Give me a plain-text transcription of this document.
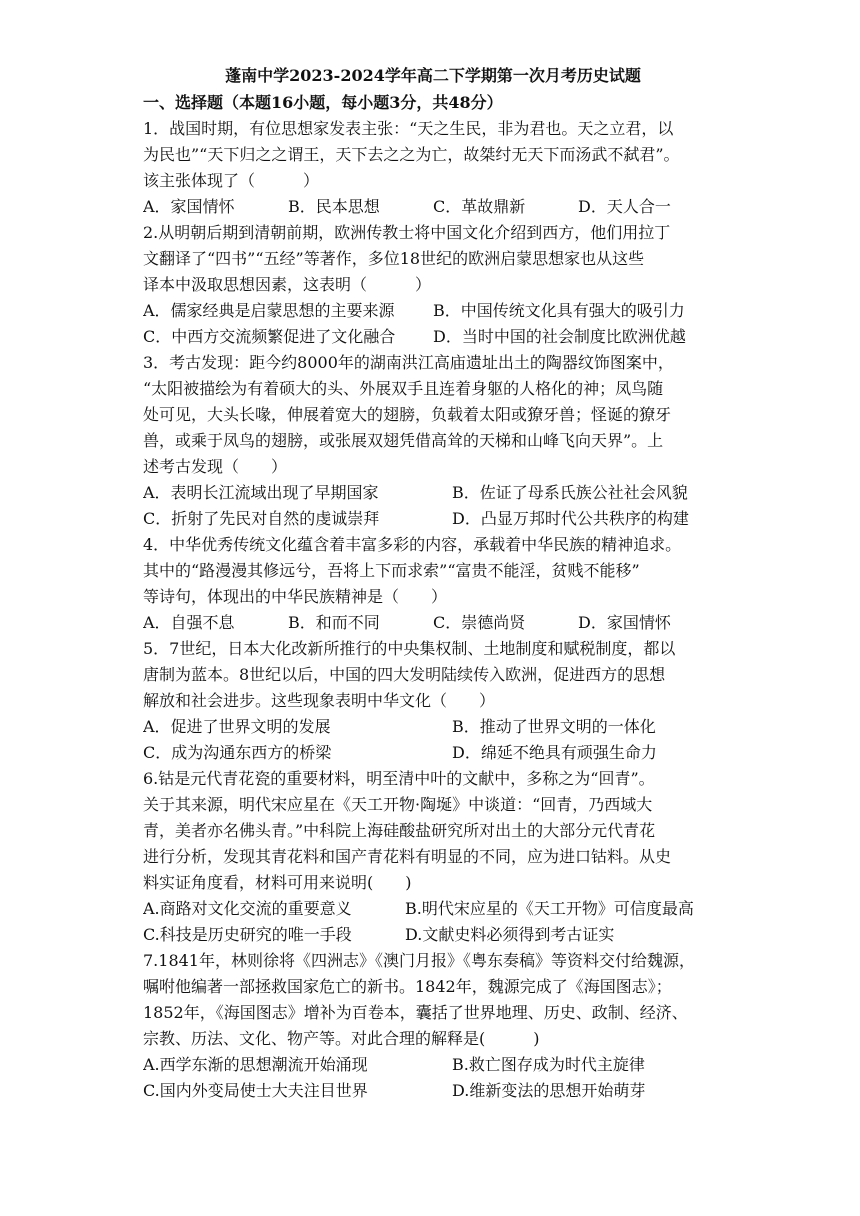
蓬南中学2023-2024学年高二下学期第一次月考历史试题
一、选择题（本题16小题，每小题3分，共48分）
1．战国时期，有位思想家发表主张：“天之生民，非为君也。天之立君，以
为民也”“天下归之之谓王，天下去之之为亡，故桀纣无天下而汤武不弑君”。
该主张体现了（　　　）
A．家国情怀	B．民本思想	C．革故鼎新	D．天人合一
2.从明朝后期到清朝前期，欧洲传教士将中国文化介绍到西方，他们用拉丁
文翻译了“四书”“五经”等著作，多位18世纪的欧洲启蒙思想家也从这些
译本中汲取思想因素，这表明（　　　）
A．儒家经典是启蒙思想的主要来源	B．中国传统文化具有强大的吸引力
C．中西方交流频繁促进了文化融合	D．当时中国的社会制度比欧洲优越
3．考古发现：距今约8000年的湖南洪江高庙遗址出土的陶器纹饰图案中，
“太阳被描绘为有着硕大的头、外展双手且连着身躯的人格化的神；凤鸟随
处可见，大头长喙，伸展着宽大的翅膀，负载着太阳或獠牙兽；怪诞的獠牙
兽，或乘于凤鸟的翅膀，或张展双翅凭借高耸的天梯和山峰飞向天界”。上
述考古发现（　　）
A．表明长江流域出现了早期国家	B．佐证了母系氏族公社社会风貌
C．折射了先民对自然的虔诚崇拜	D．凸显万邦时代公共秩序的构建
4．中华优秀传统文化蕴含着丰富多彩的内容，承载着中华民族的精神追求。
其中的“路漫漫其修远兮，吾将上下而求索”“富贵不能淫，贫贱不能移”
等诗句，体现出的中华民族精神是（　　）
A．自强不息	B．和而不同	C．崇德尚贤	D．家国情怀
5．7世纪，日本大化改新所推行的中央集权制、土地制度和赋税制度，都以
唐制为蓝本。8世纪以后，中国的四大发明陆续传入欧洲，促进西方的思想
解放和社会进步。这些现象表明中华文化（　　）
A．促进了世界文明的发展	B．推动了世界文明的一体化
C．成为沟通东西方的桥梁	D．绵延不绝具有顽强生命力
6.钴是元代青花瓷的重要材料，明至清中叶的文献中，多称之为“回青”。
关于其来源，明代宋应星在《天工开物·陶埏》中谈道：“回青，乃西域大
青，美者亦名佛头青。”中科院上海硅酸盐研究所对出土的大部分元代青花
进行分析，发现其青花料和国产青花料有明显的不同，应为进口钴料。从史
料实证角度看，材料可用来说明(　　)
A.商路对文化交流的重要意义	B.明代宋应星的《天工开物》可信度最高
C.科技是历史研究的唯一手段	D.文献史料必须得到考古证实
7.1841年，林则徐将《四洲志》《澳门月报》《粤东奏稿》等资料交付给魏源，
嘱咐他编著一部拯救国家危亡的新书。1842年，魏源完成了《海国图志》；
1852年，《海国图志》增补为百卷本，囊括了世界地理、历史、政制、经济、
宗教、历法、文化、物产等。对此合理的解释是(　　　)
A.西学东渐的思想潮流开始涌现	B.救亡图存成为时代主旋律
C.国内外变局使士大夫注目世界	D.维新变法的思想开始萌芽
